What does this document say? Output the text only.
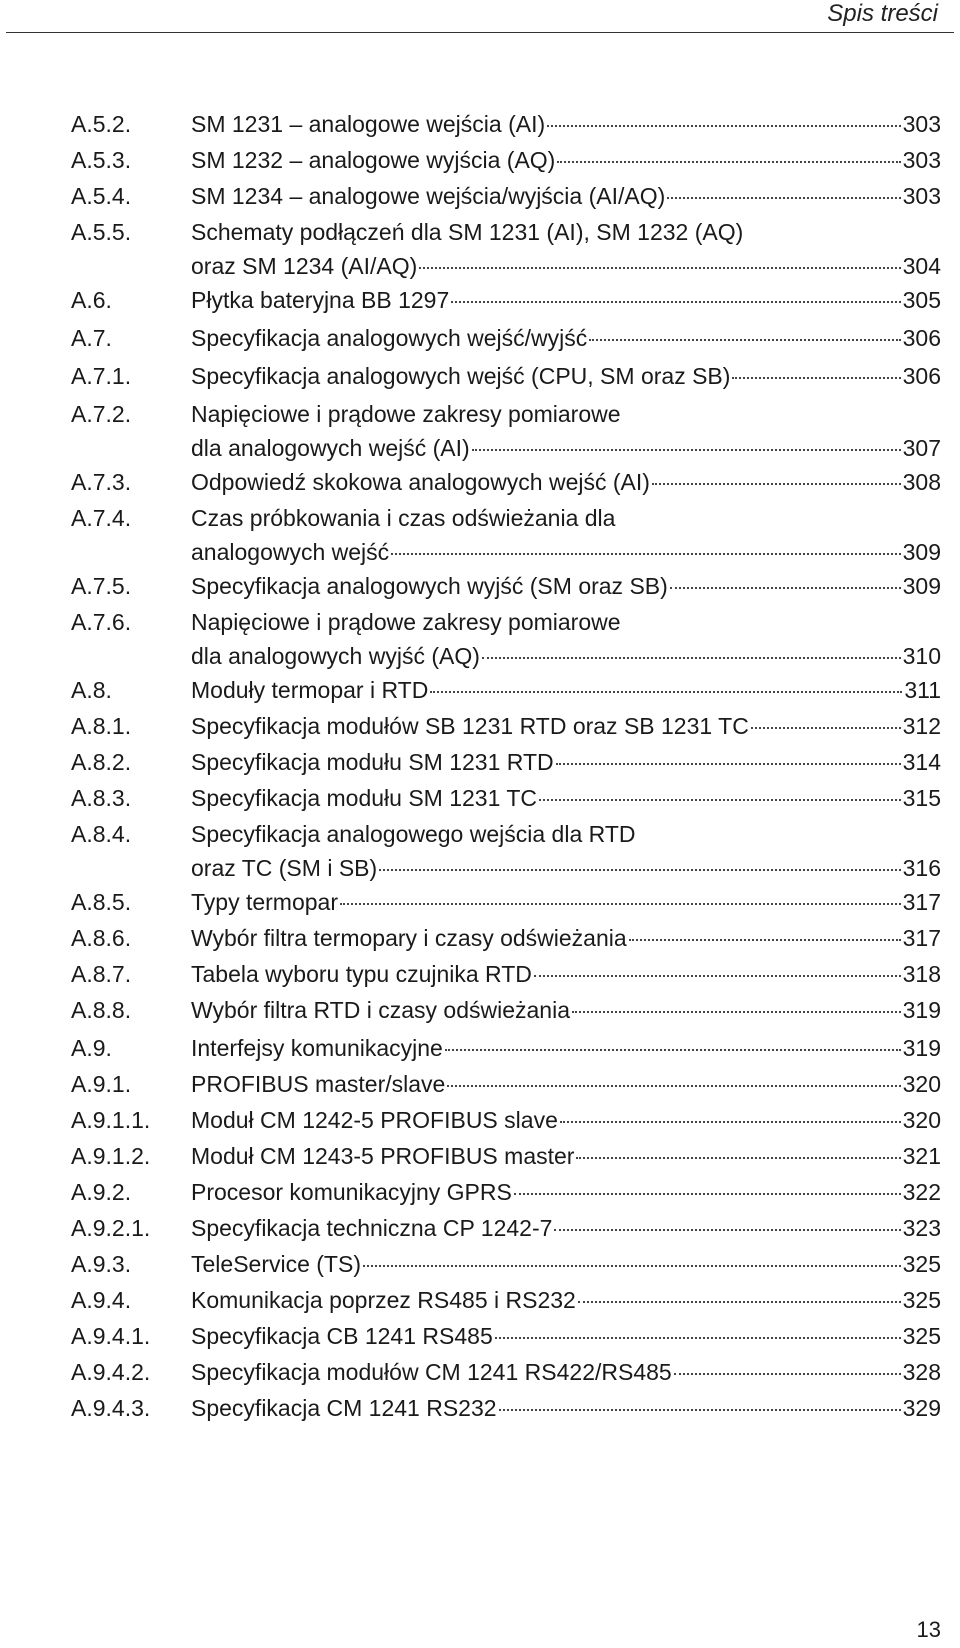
Spis treści
A.5.2.	SM 1231 – analogowe wejścia (AI)	303
A.5.3.	SM 1232 – analogowe wyjścia (AQ)	303
A.5.4.	SM 1234 – analogowe wejścia/wyjścia (AI/AQ)	303
A.5.5.	Schematy podłączeń dla SM 1231 (AI), SM 1232 (AQ)
oraz SM 1234 (AI/AQ)	304
A.6.	Płytka bateryjna BB 1297	305
A.7.	Specyfikacja analogowych wejść/wyjść	306
A.7.1.	Specyfikacja analogowych wejść (CPU, SM oraz SB)	306
A.7.2.	Napięciowe i prądowe zakresy pomiarowe
dla analogowych wejść (AI)	307
A.7.3.	Odpowiedź skokowa analogowych wejść (AI)	308
A.7.4.	Czas próbkowania i czas odświeżania dla
analogowych wejść	309
A.7.5.	Specyfikacja analogowych wyjść (SM oraz SB)	309
A.7.6.	Napięciowe i prądowe zakresy pomiarowe
dla analogowych wyjść (AQ)	310
A.8.	Moduły termopar i RTD	311
A.8.1.	Specyfikacja modułów SB 1231 RTD oraz SB 1231 TC	312
A.8.2.	Specyfikacja modułu SM 1231 RTD	314
A.8.3.	Specyfikacja modułu SM 1231 TC	315
A.8.4.	Specyfikacja analogowego wejścia dla RTD
oraz TC (SM i SB)	316
A.8.5.	Typy termopar	317
A.8.6.	Wybór filtra termopary i czasy odświeżania	317
A.8.7.	Tabela wyboru typu czujnika RTD	318
A.8.8.	Wybór filtra RTD i czasy odświeżania	319
A.9.	Interfejsy komunikacyjne	319
A.9.1.	PROFIBUS master/slave	320
A.9.1.1. Moduł CM 1242-5 PROFIBUS slave	320
A.9.1.2. Moduł CM 1243-5 PROFIBUS master	321
A.9.2.	Procesor komunikacyjny GPRS	322
A.9.2.1. Specyfikacja techniczna CP 1242-7	323
A.9.3.	TeleService (TS)	325
A.9.4.	Komunikacja poprzez RS485 i RS232	325
A.9.4.1. Specyfikacja CB 1241 RS485	325
A.9.4.2. Specyfikacja modułów CM 1241 RS422/RS485	328
A.9.4.3. Specyfikacja CM 1241 RS232	329
13
